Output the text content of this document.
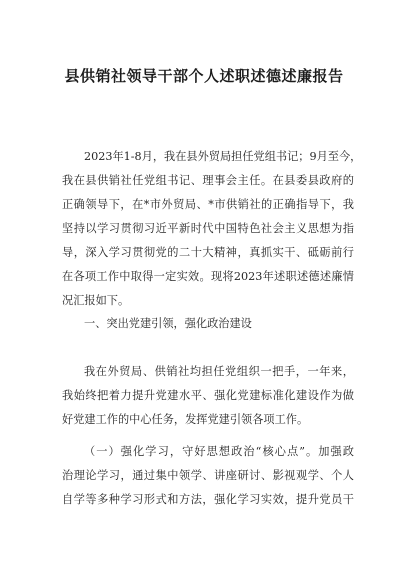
县供销社领导干部个人述职述德述廉报告
2023年1-8月，我在县外贸局担任党组书记；9月至今，
我在县供销社任党组书记、理事会主任。在县委县政府的
正确领导下，在*市外贸局、*市供销社的正确指导下，我
坚持以学习贯彻习近平新时代中国特色社会主义思想为指
导，深入学习贯彻党的二十大精神，真抓实干、砥砺前行
在各项工作中取得一定实效。现将2023年述职述德述廉情
况汇报如下。
一、突出党建引领，强化政治建设
我在外贸局、供销社均担任党组织一把手，一年来，
我始终把着力提升党建水平、强化党建标准化建设作为做
好党建工作的中心任务，发挥党建引领各项工作。
（一）强化学习，守好思想政治“核心点”。加强政
治理论学习，通过集中领学、讲座研讨、影视观学、个人
自学等多种学习形式和方法，强化学习实效，提升党员干
